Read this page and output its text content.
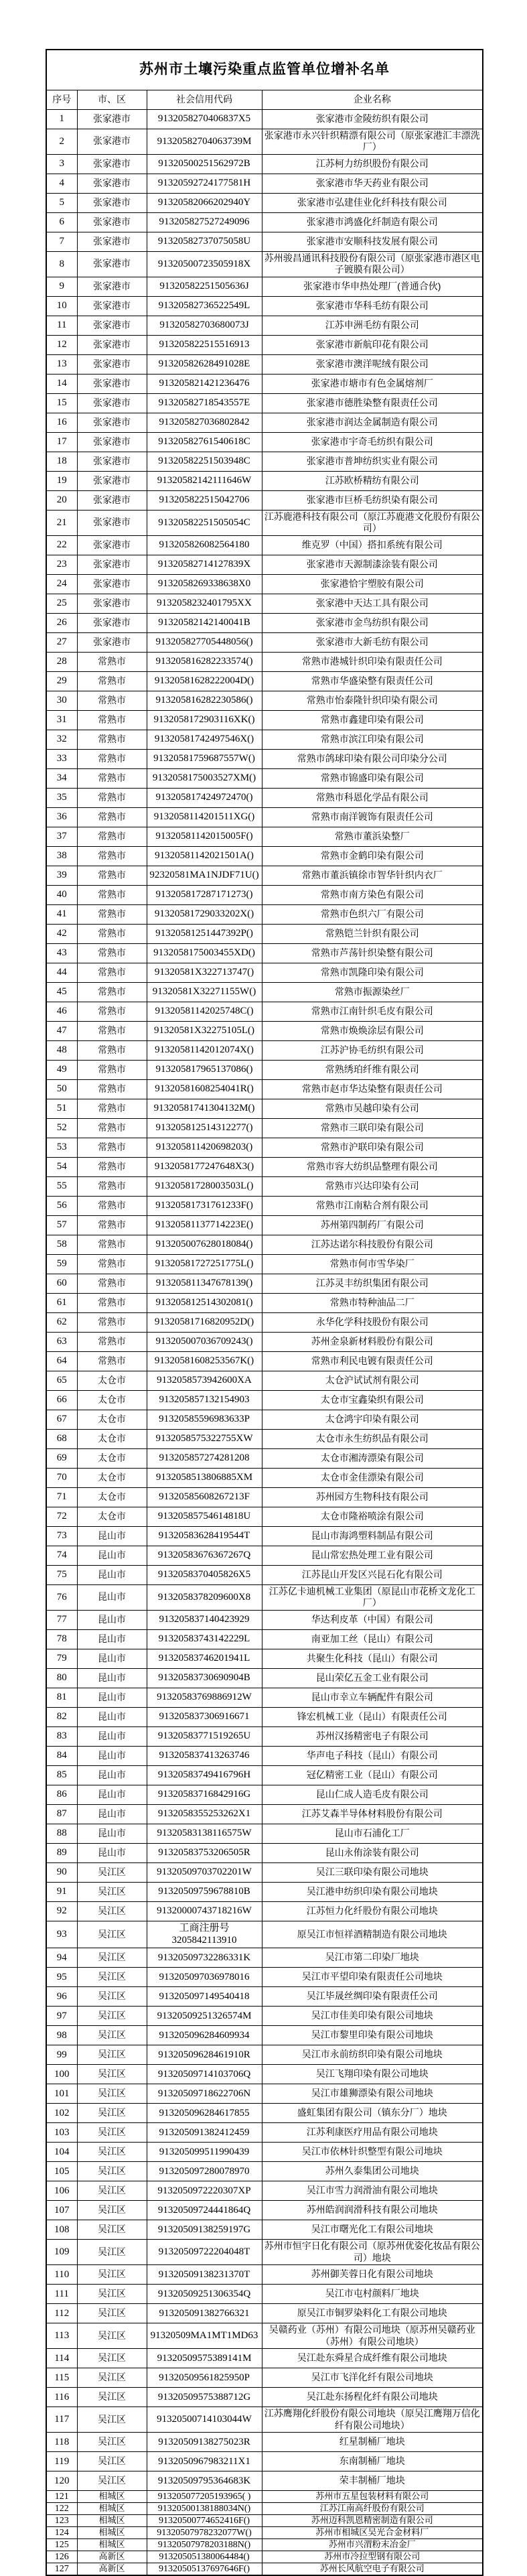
苏州市土壤污染重点监管单位增补名单			
序号	市、区	社会信用代码	企业名称
1	张家港市	9132058270406837X5	张家港市金陵纺织有限公司
2	张家港市	91320582704063739M	张家港市永兴针织精漂有限公司（原张家港汇丰漂洗厂）
3	张家港市	91320500251562972B	江苏柯力纺织股份有限公司
4	张家港市	91320592724177581H	张家港市华天药业有限公司
5	张家港市	91320582066202940Y	张家港市弘建佳业化纤科技有限公司
6	张家港市	913205827527249096	张家港市鸿盛化纤制造有限公司
7	张家港市	91320582737075058U	张家港市安顺科技发展有限公司
8	张家港市	91320500723505918X	苏州骏昌通讯科技股份有限公司（原张家港市港区电子镀膜有限公司）
9	张家港市	91320582251505636J	张家港市华申热处理厂(普通合伙)
10	张家港市	91320582736522549L	张家港市华科毛纺有限公司
11	张家港市	91320582703680073J	江苏申洲毛纺有限公司
12	张家港市	913205822515516913	张家港市新航印花有限公司
13	张家港市	91320582628491028E	张家港市澳洋呢绒有限公司
14	张家港市	913205821421236476	张家港市塘市有色金属熔剂厂
15	张家港市	91320582718543557E	张家港市德胜染整有限责任公司
16	张家港市	913205827036802842	张家港市润达金属制造有限公司
17	张家港市	91320582761540618C	张家港市宇奇毛纺织有限公司
18	张家港市	91320582251503948C	张家港市普坤纺织实业有限公司
19	张家港市	91320582142111646W	江苏欧桥精纺有限公司
20	张家港市	913205822515042706	张家港市巨桥毛纺织染有限公司
21	张家港市	91320582251505054C	江苏鹿港科技有限公司（原江苏鹿港文化股份有限公司）
22	张家港市	913205826082564180	维克罗（中国）搭扣系统有限公司
23	张家港市	91320582714127839X	张家港市天源制漆涂装有限公司
24	张家港市	9132058269338638X0	张家港恰宇塑胶有限公司
25	张家港市	9132058232401795XX	张家港中天达工具有限公司
26	张家港市	91320582142140041B	张家港市金鸟纺织有限公司
27	张家港市	913205827705448056()	张家港市大新毛纺有限公司
28	常熟市	913205816282233574()	常熟市港城针织印染有限责任公司
29	常熟市	91320581628222004D()	常熟市华盛染整有限责任公司
30	常熟市	913205816282230586()	常熟市怡泰隆针织印染有限公司
31	常熟市	9132058172903116XK()	常熟市鑫建印染有限公司
32	常熟市	91320581742497546X()	常熟市滨江印染有限公司
33	常熟市	91320581759687557W()	常熟市鸽球印染有限公司印染分公司
34	常熟市	9132058175003527XM()	常熟市锦盛印染有限公司
35	常熟市	913205817424972470()	常熟市科恩化学品有限公司
36	常熟市	9132058114201511XG()	常熟市南洋镀饰有限责任公司
37	常熟市	91320581142015005F()	常熟市董浜染整厂
38	常熟市	91320581142021501A()	常熟市金鹤印染有限公司
39	常熟市	92320581MA1NJDF71U()	常熟市董浜镇徐市智华针织内衣厂
40	常熟市	913205817287171273()	常熟市南方染色有限公司
41	常熟市	91320581729033202X()	常熟市色织六厂有限公司
42	常熟市	91320581251447392P()	常熟铠兰针织有限公司
43	常熟市	9132058175003455XD()	常熟市芦荡针织染整有限公司
44	常熟市	91320581X322713747()	常熟市凯隆印染有限公司
45	常熟市	91320581X32271155W()	常熟市振源染丝厂
46	常熟市	91320581142025748C()	常熟市江南针织毛皮有限公司
47	常熟市	91320581X32275105L()	常熟市焕焕涂层有限公司
48	常熟市	91320581142012074X()	江苏沪协毛纺织有限公司
49	常熟市	913205817965137086()	常熟绣珀纤维有限公司
50	常熟市	91320581608254041R()	常熟市赵市华达染整有限责任公司
51	常熟市	91320581741304132M()	常熟市吴越印染有公司
52	常熟市	913205812514312277()	常熟市三联印染有限公司
53	常熟市	913205811420698203()	常熟市沪联印染有限公司
54	常熟市	9132058177247648X3()	常熟市容大纺织品整理有限公司
55	常熟市	91320581728003503L()	常熟市兴达印染有公司
56	常熟市	91320581731761233F()	常熟市江南粘合剂有限公司
57	常熟市	91320581137714223E()	苏州第四制药厂有限公司
58	常熟市	913205007628018084()	江苏达诺尔科技股份有限公司
59	常熟市	91320581727251775L()	常熟市何市雪华染厂
60	常熟市	913205811347678139()	江苏灵丰纺织集团有限公司
61	常熟市	913205812514302081()	常熟市特种油品二厂
62	常熟市	91320581716820952D()	永华化学科技股份有限公司
63	常熟市	913205007036709243()	苏州金泉新材料股份有限公司
64	常熟市	91320581608253567K()	常熟市利民电镀有限责任公司
65	太仓市	9132058573942600XA	太仓沪试试剂有限公司
66	太仓市	913205857132154903	太仓市宝鑫染织有限公司
67	太仓市	91320585596983633P	太仓鸿宇印染有限公司
68	太仓市	9132058575322755XW	太仓市永生纺织品有限公司
69	太仓市	913205857274281208	太仓市湘涛漂染有限公司
70	太仓市	9132058513806885XM	太仓市金佳漂染有限公司
71	太仓市	91320585608267213F	苏州园方生物科技有限公司
72	太仓市	91320585754614818U	太仓市隆裕喷涂有限公司
73	昆山市	91320583628419544T	昆山市海鸿塑料制品有限公司
74	昆山市	91320583676367267Q	昆山常宏热处理工业有限公司
75	昆山市	9132058370405826X5	江苏昆山开发区兴昆石化有限公司
76	昆山市	9132058378209600X8	江苏亿卡迪机械工业集团（原昆山市花桥文龙化工厂）
77	昆山市	913205837140423929	华达利皮革（中国）有限公司
78	昆山市	91320583743142229L	南亚加工丝（昆山）有限公司
79	昆山市	91320583746201941L	共聚生化科技（昆山）有限公司
80	昆山市	91320583730690904B	昆山荣亿五金工业有限公司
81	昆山市	91320583769886912W	昆山市幸立车辆配件有限公司
82	昆山市	913205837306916671	锋宏机械工业（昆山）有限责任公司
83	昆山市	91320583771519265U	苏州汉扬精密电子有限公司
84	昆山市	913205837413263746	华声电子科技（昆山）有限公司
85	昆山市	91320583749416796H	冠亿精密工业（昆山）有限公司
86	昆山市	91320583716842916G	昆山仁成人造毛皮有限公司
87	昆山市	9132058355253262X1	江苏艾森半导体材料股份有限公司
88	昆山市	91320583138116575W	昆山市石浦化工厂
89	昆山市	91320583753206505R	昆山永侑涂装有限公司
90	吴江区	91320509703702201W	吴江三联印染有限公司地块
91	吴江区	91320509759678810B	吴江港申纺织印染有限公司地块
92	吴江区	91320000743718216W	江苏恒力化纤股份有限公司地块
93	吴江区	工商注册号3205842113910	原吴江市恒祥酒精制造有限公司地块
94	吴江区	91320509732286331K	吴江市第二印染厂地块
95	吴江区	913205097036978016	吴江市平望印染有限责任公司地块
96	吴江区	913205097149540418	吴江毕晟丝绸印染有限责任公司
97	吴江区	91320509251326574M	吴江市佳美印染有限公司地块
98	吴江区	913205096284609934	吴江市黎里印染有限公司地块
99	吴江区	91320509628461910R	吴江市永前纺织印染有限公司地块
100	吴江区	91320509714103706Q	吴江飞翔印染有限公司地块
101	吴江区	91320509718622706N	吴江市雄狮漂染有限公司地块
102	吴江区	913205096284617855	盛虹集团有限公司（镇东分厂）地块
103	吴江区	913205091382412459	江苏利康医疗用品有限公司地块
104	吴江区	913205099511990439	吴江市依林针织整型有限公司地块
105	吴江区	913205097280078970	苏州久泰集团公司地块
106	吴江区	9132050972220307XP	吴江市雪力润滑油有限公司地块
107	吴江区	91320509724441864Q	苏州皓润润滑科技有限公司地块
108	吴江区	91320509138259197G	吴江市曙光化工有限公司地块
109	吴江区	91320509722204048T	苏州市恒宇日化有限公司（原苏州优姿化妆品有限公司）地块
110	吴江区	91320509138231370T	苏州御芙蓉日化有限公司地块
111	吴江区	91320509251306354Q	吴江市屯村颜料厂地块
112	吴江区	913205091382766321	原吴江市铜罗染料化工有限公司地块
113	吴江区	91320509MA1MT1MD63	吴赣药业（苏州）有限公司地块（原苏州吴赣药业（苏州）有限公司地块）
114	吴江区	91320509575389141M	吴江赴东舜星合成纤维有限公司地块
115	吴江区	91320509561825950P	吴江市飞洋化纤有限公司地块
116	吴江区	91320509575388712G	吴江赴东扬程化纤有限公司地块
117	吴江区	91320500714103044W	江苏鹰翔化纤股份有限公司地块（原吴江鹰翔万信化纤有限公司地块）
118	吴江区	91320509138275023R	红星制桶厂地块
119	吴江区	9132050967983211X1	东南制桶厂地块
120	吴江区	91320509795364683K	荣丰制桶厂地块
121	相城区	913205077205193965( )	苏州市五星包装材料有限公司
122	相城区	91320500138188034N()	江苏江南高纤股份有限公司
123	相城区	91320500774652416F()	苏州迈科凯恩精密制造有限公司
124	相城区	91320507978232077W()	苏州市相城区吴光合金材料厂
125	相城区	91320507978203188N()	苏州市兴渭粉末冶金厂
126	高新区	913205051380064484()	苏州市冷拉型钢有限公司
127	高新区	91320505137697646F()	苏州长风航空电子有限公司
